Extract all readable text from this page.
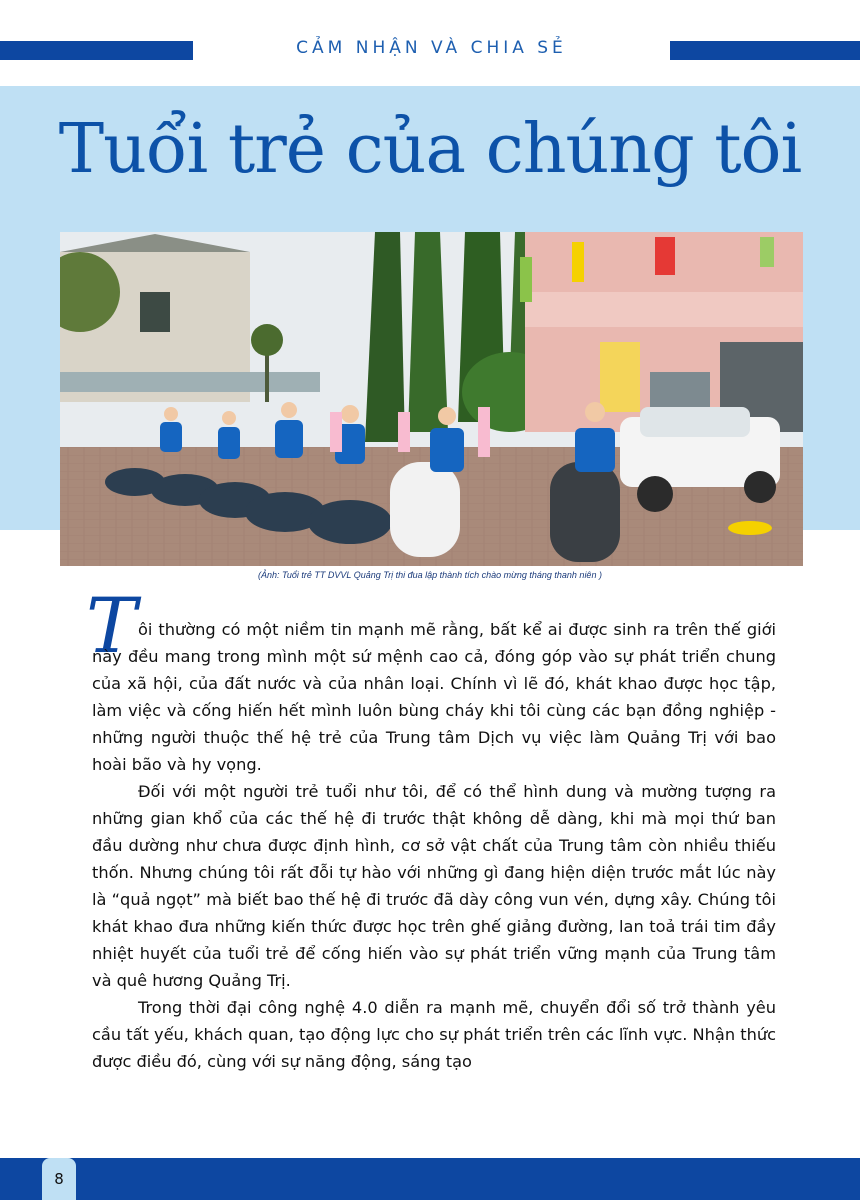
CẢM NHẬN VÀ CHIA SẺ
Tuổi trẻ của chúng tôi
(Ảnh: Tuổi trẻ TT DVVL Quảng Trị thi đua lập thành tích chào mừng tháng thanh niên )
T ôi thường có một niềm tin mạnh mẽ rằng, bất kể ai được sinh ra trên thế giới này đều mang trong mình một sứ mệnh cao cả, đóng góp vào sự phát triển chung của xã hội, của đất nước và của nhân loại. Chính vì lẽ đó, khát khao được học tập, làm việc và cống hiến hết mình luôn bùng cháy khi tôi cùng các bạn đồng nghiệp - những người thuộc thế hệ trẻ của Trung tâm Dịch vụ việc làm Quảng Trị với bao hoài bão và hy vọng.

Đối với một người trẻ tuổi như tôi, để có thể hình dung và mường tượng ra những gian khổ của các thế hệ đi trước thật không dễ dàng, khi mà mọi thứ ban đầu dường như chưa được định hình, cơ sở vật chất của Trung tâm còn nhiều thiếu thốn. Nhưng chúng tôi rất đỗi tự hào với những gì đang hiện diện trước mắt lúc này là “quả ngọt” mà biết bao thế hệ đi trước đã dày công vun vén, dựng xây. Chúng tôi khát khao đưa những kiến thức được học trên ghế giảng đường, lan toả trái tim đầy nhiệt huyết của tuổi trẻ để cống hiến vào sự phát triển vững mạnh của Trung tâm và quê hương Quảng Trị.

Trong thời đại công nghệ 4.0 diễn ra mạnh mẽ, chuyển đổi số trở thành yêu cầu tất yếu, khách quan, tạo động lực cho sự phát triển trên các lĩnh vực. Nhận thức được điều đó, cùng với sự năng động, sáng tạo

8
